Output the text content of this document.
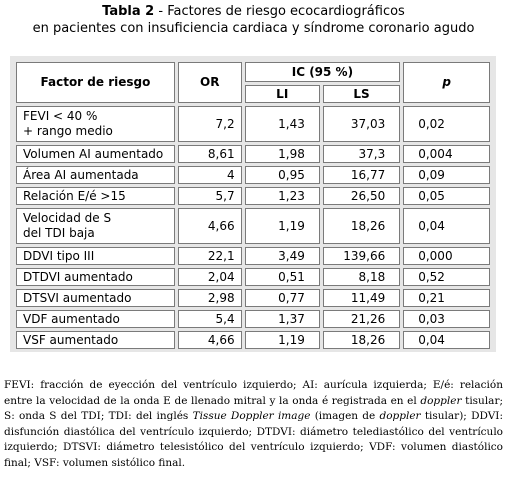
Tabla 2 - Factores de riesgo ecocardiográficos
en pacientes con insuficiencia cardiaca y síndrome coronario agudo
Factor de riesgo	OR	IC (95 %)		p
		LI	LS	

FEVI < 40 %
+ rango medio	7,2	1,43	37,03	0,02

Volumen AI aumentado	8,61	1,98	37,3	0,004

Área AI aumentada	4	0,95	16,77	0,09

Relación E/é >15	5,7	1,23	26,50	0,05

Velocidad de S
del TDI baja	4,66	1,19	18,26	0,04

DDVI tipo III	22,1	3,49	139,66	0,000

DTDVI aumentado	2,04	0,51	8,18	0,52

DTSVI aumentado	2,98	0,77	11,49	0,21

VDF aumentado	5,4	1,37	21,26	0,03

VSF aumentado	4,66	1,19	18,26	0,04
FEVI: fracción de eyección del ventrículo izquierdo; AI: aurícula izquierda; E/é: relación entre la velocidad de la onda E de llenado mitral y la onda é registrada en el doppler tisular; S: onda S del TDI; TDI: del inglés Tissue Doppler image (imagen de doppler tisular); DDVI: disfunción diastólica del ventrículo izquierdo; DTDVI: diámetro telediastólico del ventrículo izquierdo; DTSVI: diámetro telesistólico del ventrículo izquierdo; VDF: volumen diastólico final; VSF: volumen sistólico final.
